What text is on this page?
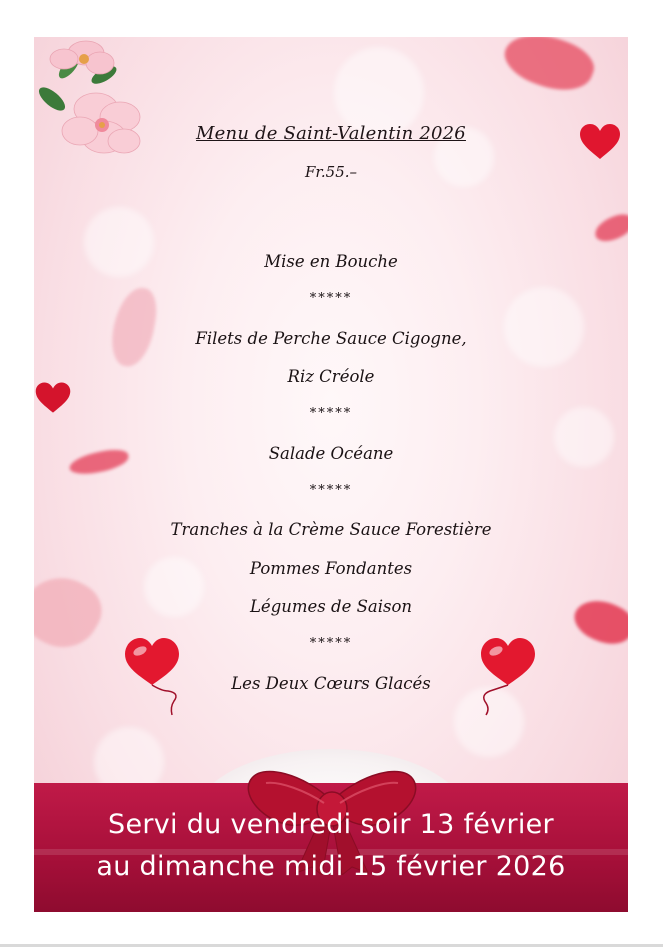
Menu de Saint-Valentin 2026
Fr.55.–
Mise en Bouche
*****
Filets de Perche Sauce Cigogne,
Riz Créole
*****
Salade Océane
*****
Tranches à la Crème Sauce Forestière
Pommes Fondantes
Légumes de Saison
*****
Les Deux Cœurs Glacés
Servi du vendredi soir 13 février
au dimanche midi 15 février 2026
